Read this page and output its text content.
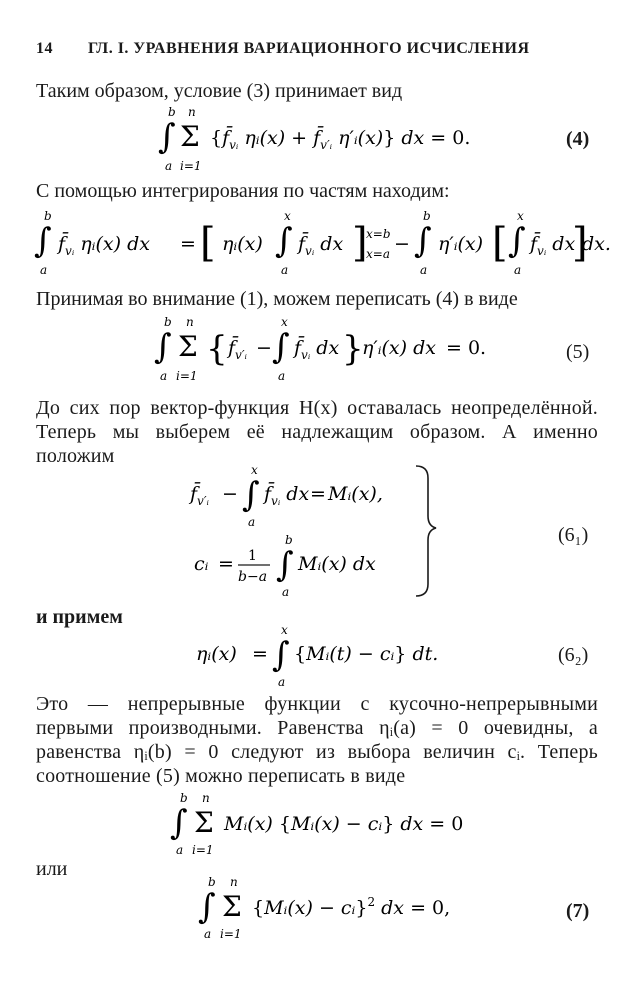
14 ГЛ. I. УРАВНЕНИЯ ВАРИАЦИОННОГО ИСЧИСЛЕНИЯ
Таким образом, условие (3) принимает вид
b
∫
a
n
Σ
i=1
{$f̄_{vᵢ}$ ηᵢ(x) + $f̄_{v'ᵢ}$ η′ᵢ(x)} dx = 0.	(4)
С помощью интегрирования по частям находим:
b
∫
a
$f̄_{vᵢ}$ ηᵢ(x) dx = [ ηᵢ(x)
x
∫
a
$f̄_{vᵢ}$ dx ]
x=b
x=a −
b
∫
a
η′ᵢ(x) [
x
∫
a
$f̄_{vᵢ}$ dx
]
dx.
Принимая во внимание (1), можем переписать (4) в виде
b
∫
a
n
Σ
i=1
{ $f̄_{v'ᵢ}$ −
x
∫
a
$f̄_{vᵢ}$ dx }
η′ᵢ(x) dx = 0.	(5)
До сих пор вектор-функция Η(x) оставалась неопределённой. Теперь мы выберем её надлежащим образом. А именно положим
$f̄_{v'ᵢ}$ −
x
∫
a
$f̄_{vᵢ}$ dx = Mᵢ(x),
cᵢ = 1
b−a
b
∫
a
Mᵢ(x) dx
(6₁)
и примем
ηᵢ(x) =
x
∫
a
{Mᵢ(t) − cᵢ} dt.	(6₂)
Это — непрерывные функции с кусочно-непрерывными первыми производными. Равенства ηᵢ(a) = 0 очевидны, а равенства ηᵢ(b) = 0 следуют из выбора величин cᵢ. Теперь соотношение (5) можно переписать в виде
b
∫
a
n
Σ
i=1
Mᵢ(x) {Mᵢ(x) − cᵢ} dx = 0
или
b
∫
a
n
Σ
i=1
{Mᵢ(x) − cᵢ}$^2$ dx = 0,	(7)
